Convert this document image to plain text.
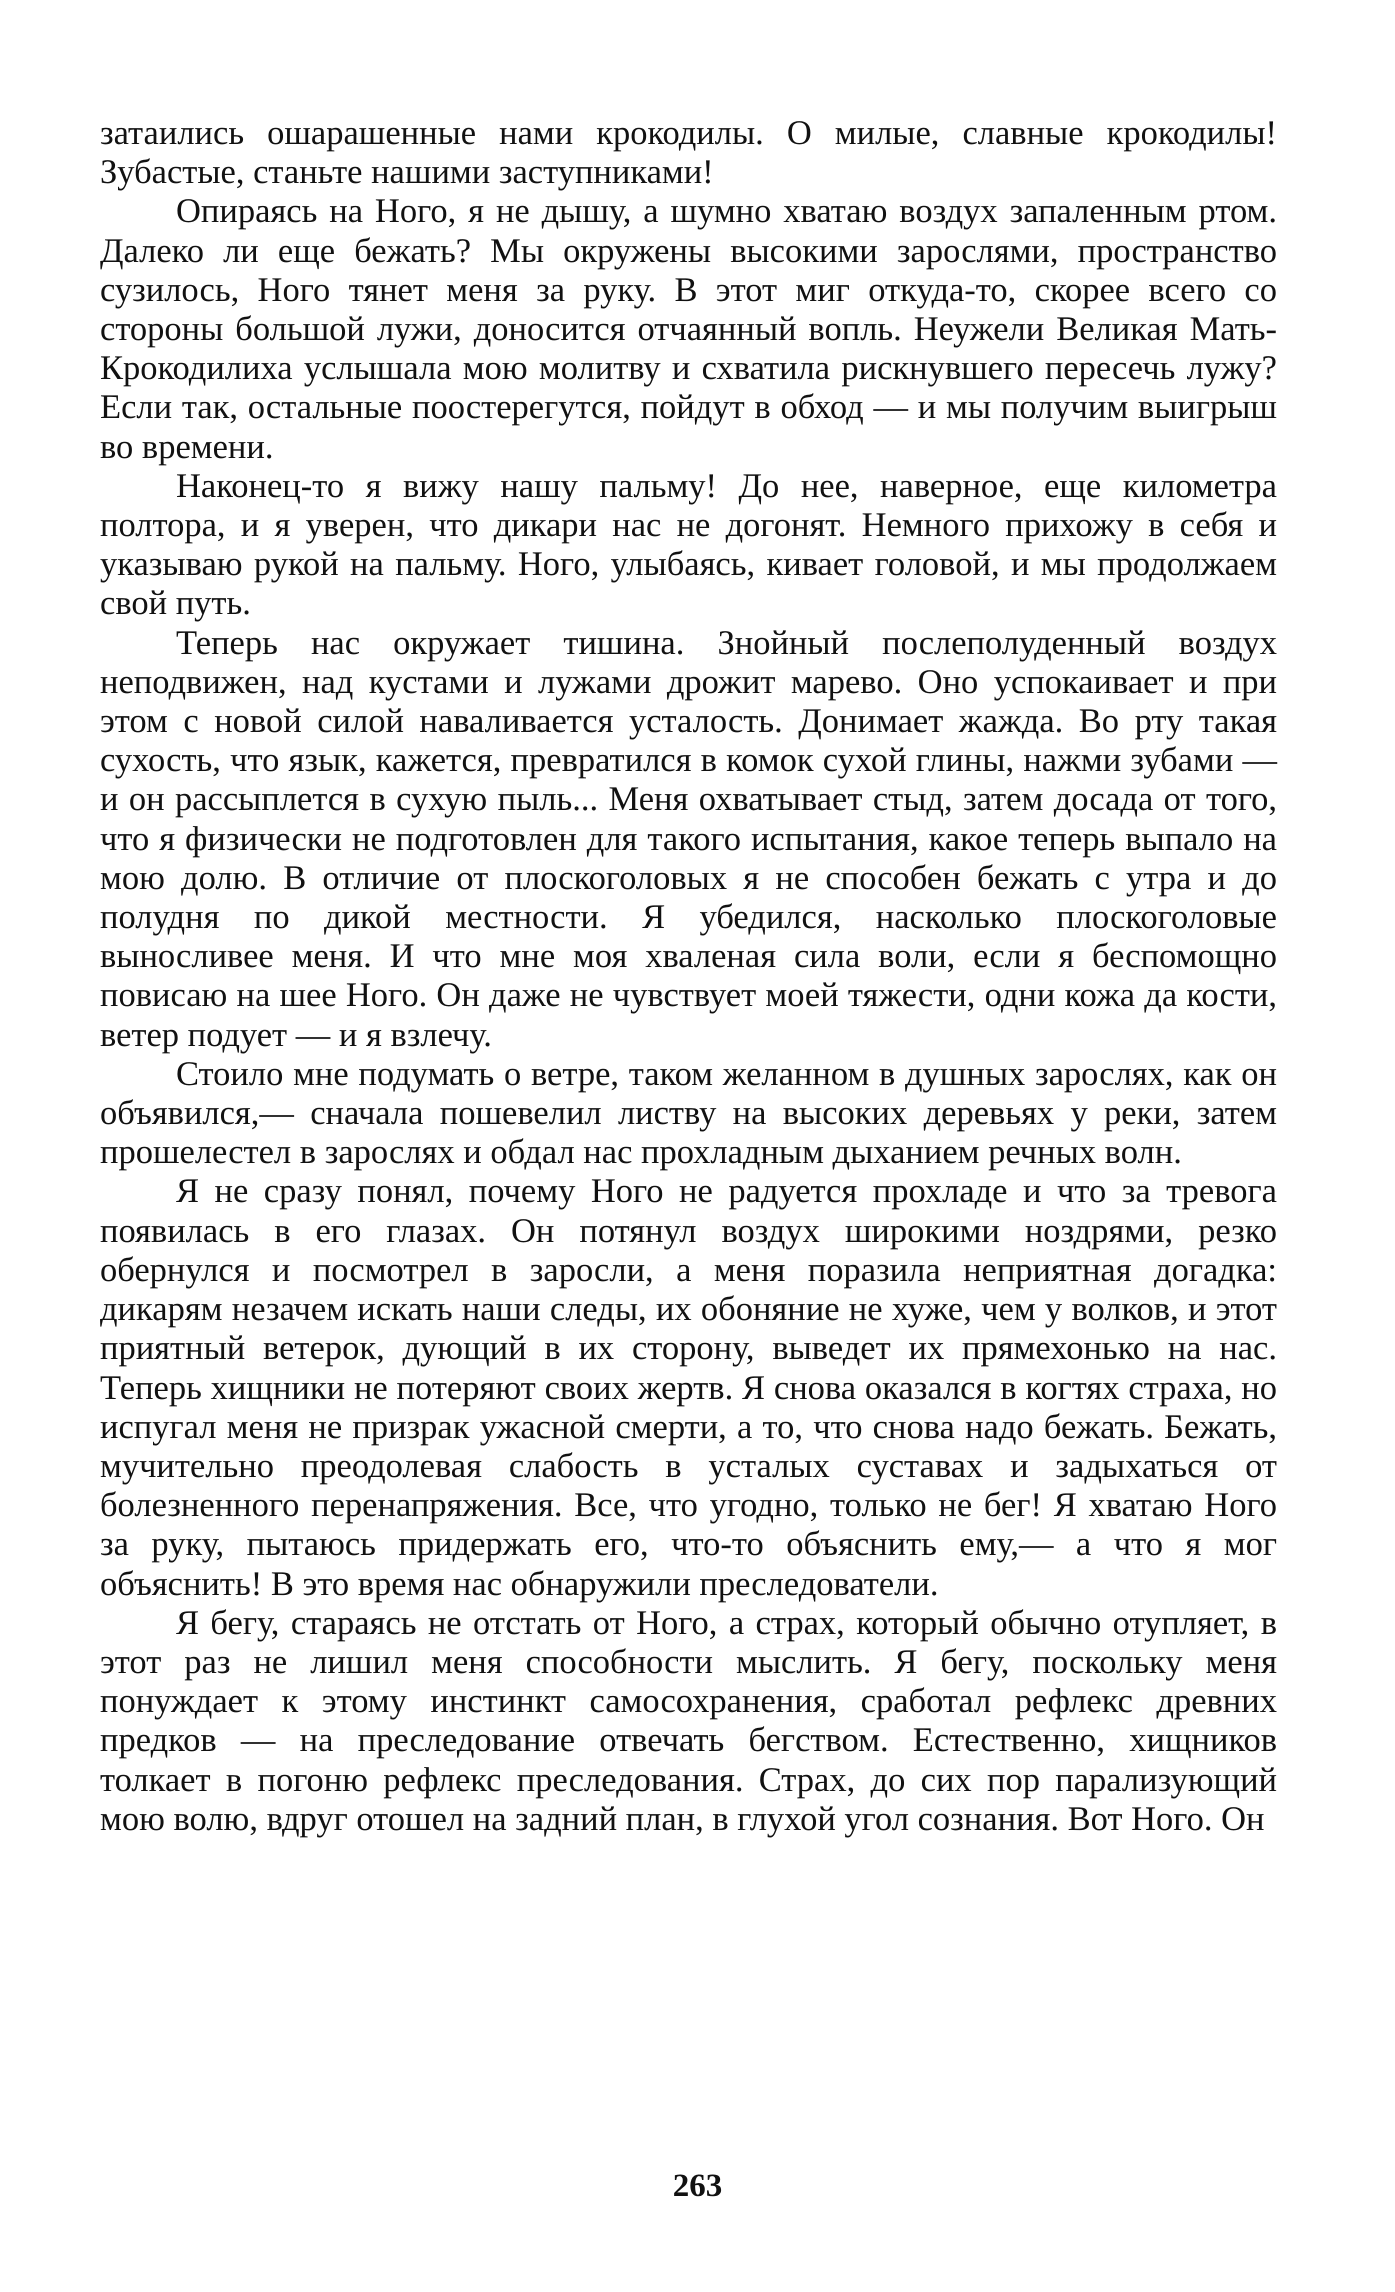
затаились ошарашенные нами крокодилы. О милые, славные крокодилы! Зубастые, станьте нашими заступниками!

Опираясь на Ного, я не дышу, а шумно хватаю воздух запаленным ртом. Далеко ли еще бежать? Мы окружены высокими зарослями, пространство сузилось, Ного тянет меня за руку. В этот миг откуда-то, скорее всего со стороны большой лужи, доносится отчаянный вопль. Неужели Великая Мать-Крокодилиха услышала мою молитву и схватила рискнувшего пересечь лужу? Если так, остальные поостерегутся, пойдут в обход — и мы получим выигрыш во времени.

Наконец-то я вижу нашу пальму! До нее, наверное, еще километра полтора, и я уверен, что дикари нас не догонят. Немного прихожу в себя и указываю рукой на пальму. Ного, улыбаясь, кивает головой, и мы продолжаем свой путь.

Теперь нас окружает тишина. Знойный послеполуденный воздух неподвижен, над кустами и лужами дрожит марево. Оно успокаивает и при этом с новой силой наваливается усталость. Донимает жажда. Во рту такая сухость, что язык, кажется, превратился в комок сухой глины, нажми зубами — и он рассыплется в сухую пыль... Меня охватывает стыд, затем досада от того, что я физически не подготовлен для такого испытания, какое теперь выпало на мою долю. В отличие от плоскоголовых я не способен бежать с утра и до полудня по дикой местности. Я убедился, насколько плоскоголовые выносливее меня. И что мне моя хваленая сила воли, если я беспомощно повисаю на шее Ного. Он даже не чувствует моей тяжести, одни кожа да кости, ветер подует — и я взлечу.

Стоило мне подумать о ветре, таком желанном в душных зарослях, как он объявился,— сначала пошевелил листву на высоких деревьях у реки, затем прошелестел в зарослях и обдал нас прохладным дыханием речных волн.

Я не сразу понял, почему Ного не радуется прохладе и что за тревога появилась в его глазах. Он потянул воздух широкими ноздрями, резко обернулся и посмотрел в заросли, а меня поразила неприятная догадка: дикарям незачем искать наши следы, их обоняние не хуже, чем у волков, и этот приятный ветерок, дующий в их сторону, выведет их прямехонько на нас. Теперь хищники не потеряют своих жертв. Я снова оказался в когтях страха, но испугал меня не призрак ужасной смерти, а то, что снова надо бежать. Бежать, мучительно преодолевая слабость в усталых суставах и задыхаться от болезненного перенапряжения. Все, что угодно, только не бег! Я хватаю Ного за руку, пытаюсь придержать его, что-то объяснить ему,— а что я мог объяснить! В это время нас обнаружили преследователи.

Я бегу, стараясь не отстать от Ного, а страх, который обычно отупляет, в этот раз не лишил меня способности мыслить. Я бегу, поскольку меня понуждает к этому инстинкт самосохранения, сработал рефлекс древних предков — на преследование отвечать бегством. Естественно, хищников толкает в погоню рефлекс преследования. Страх, до сих пор парализующий мою волю, вдруг отошел на задний план, в глухой угол сознания. Вот Ного. Он

263
